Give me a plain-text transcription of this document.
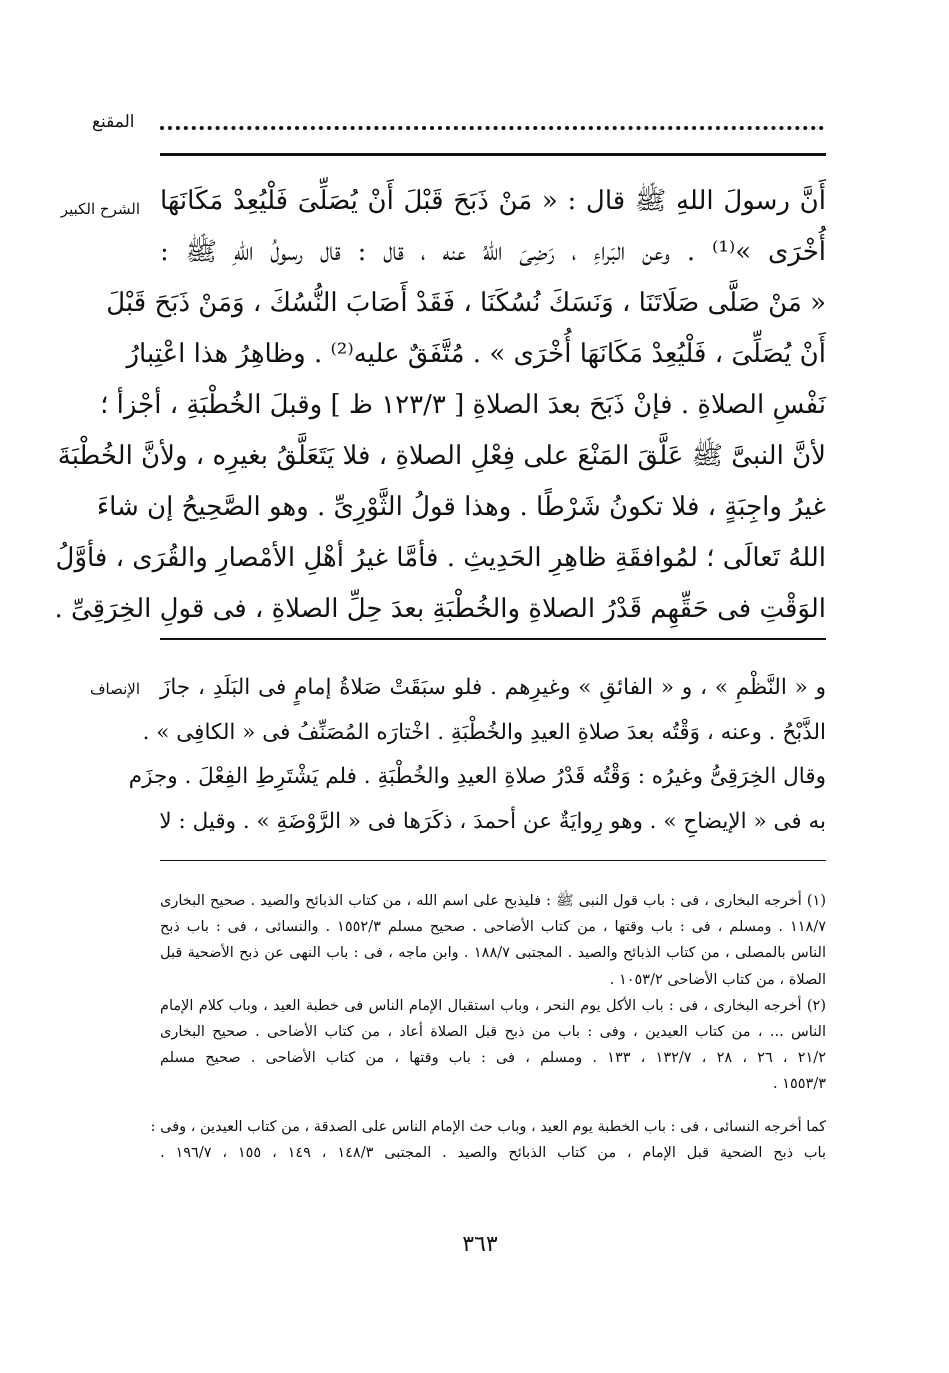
المقنع
الشرح الكبير أَنَّ رسولَ اللهِ ﷺ قال : « مَنْ ذَبَحَ قَبْلَ أَنْ يُصَلِّىَ فَلْيُعِدْ مَكَانَهَا
أُخْرَى »⁽¹⁾ . وعن البَراءِ ، رَضِىَ اللهُ عنه ، قال : قال رسولُ اللهِ ﷺ :
« مَنْ صَلَّى صَلَاتَنَا ، وَنَسَكَ نُسُكَنَا ، فَقَدْ أَصَابَ النُّسُكَ ، وَمَنْ ذَبَحَ قَبْلَ
أَنْ يُصَلِّىَ ، فَلْيُعِدْ مَكَانَهَا أُخْرَى » . مُتَّفَقٌ عليه⁽²⁾ . وظاهِرُ هذا اعْتِبارُ
نَفْسِ الصلاةِ . فإنْ ذَبَحَ بعدَ الصلاةِ [ ١٢٣/٣ ظ ] وقبلَ الخُطْبَةِ ، أجْزأ ؛
لأنَّ النبىَّ ﷺ عَلَّقَ المَنْعَ على فِعْلِ الصلاةِ ، فلا يَتَعَلَّقُ بغيرِه ، ولأنَّ الخُطْبَةَ
غيرُ واجِبَةٍ ، فلا تكونُ شَرْطًا . وهذا قولُ الثَّوْرِىِّ . وهو الصَّحِيحُ إن شاءَ
اللهُ تَعالَى ؛ لمُوافقَةِ ظاهِرِ الحَدِيثِ . فأمَّا غيرُ أهْلِ الأمْصارِ والقُرَى ، فأوَّلُ
الوَقْتِ فى حَقِّهِم قَدْرُ الصلاةِ والخُطْبَةِ بعدَ حِلِّ الصلاةِ ، فى قولِ الخِرَقِىِّ .
الإنصاف و « النَّظْمِ » ، و « الفائقِ » وغيرِهم . فلو سبَقَتْ صَلاةُ إمامٍ فى البَلَدِ ، جازَ
الذَّبْحُ . وعنه ، وَقْتُه بعدَ صلاةِ العيدِ والخُطْبَةِ . اخْتارَه المُصَنِّفُ فى « الكافِى » .
وقال الخِرَقِىُّ وغيرُه : وَقْتُه قَدْرُ صلاةِ العيدِ والخُطْبَةِ . فلم يَشْتَرِطِ الفِعْلَ . وجزَم
به فى « الإيضاحِ » . وهو رِوايَةٌ عن أحمدَ ، ذكَرَها فى « الرَّوْضَةِ » . وقيل : لا
(١) أخرجه البخارى ، فى : باب قول النبى ﷺ : فليذبح على اسم الله ، من كتاب الذبائح والصيد . صحيح البخارى
١١٨/٧ . ومسلم ، فى : باب وقتها ، من كتاب الأضاحى . صحيح مسلم ١٥٥٢/٣ . والنسائى ، فى : باب ذبح
الناس بالمصلى ، من كتاب الذبائح والصيد . المجتبى ١٨٨/٧ . وابن ماجه ، فى : باب النهى عن ذبح الأضحية قبل
الصلاة ، من كتاب الأضاحى ١٠٥٣/٢ .
(٢) أخرجه البخارى ، فى : باب الأكل يوم النحر ، وباب استقبال الإمام الناس فى خطبة العيد ، وباب كلام الإمام
الناس ... ، من كتاب العيدين ، وفى : باب من ذبح قبل الصلاة أعاد ، من كتاب الأضاحى . صحيح البخارى
٢١/٢ ، ٢٦ ، ٢٨ ، ١٣٢/٧ ، ١٣٣ . ومسلم ، فى : باب وقتها ، من كتاب الأضاحى . صحيح مسلم
١٥٥٣/٣ .
كما أخرجه النسائى ، فى : باب الخطبة يوم العيد ، وباب حث الإمام الناس على الصدقة ، من كتاب العيدين ، وفى :
باب ذبح الضحية قبل الإمام ، من كتاب الذبائح والصيد . المجتبى ١٤٨/٣ ، ١٤٩ ، ١٥٥ ، ١٩٦/٧ .
٣٦٣
